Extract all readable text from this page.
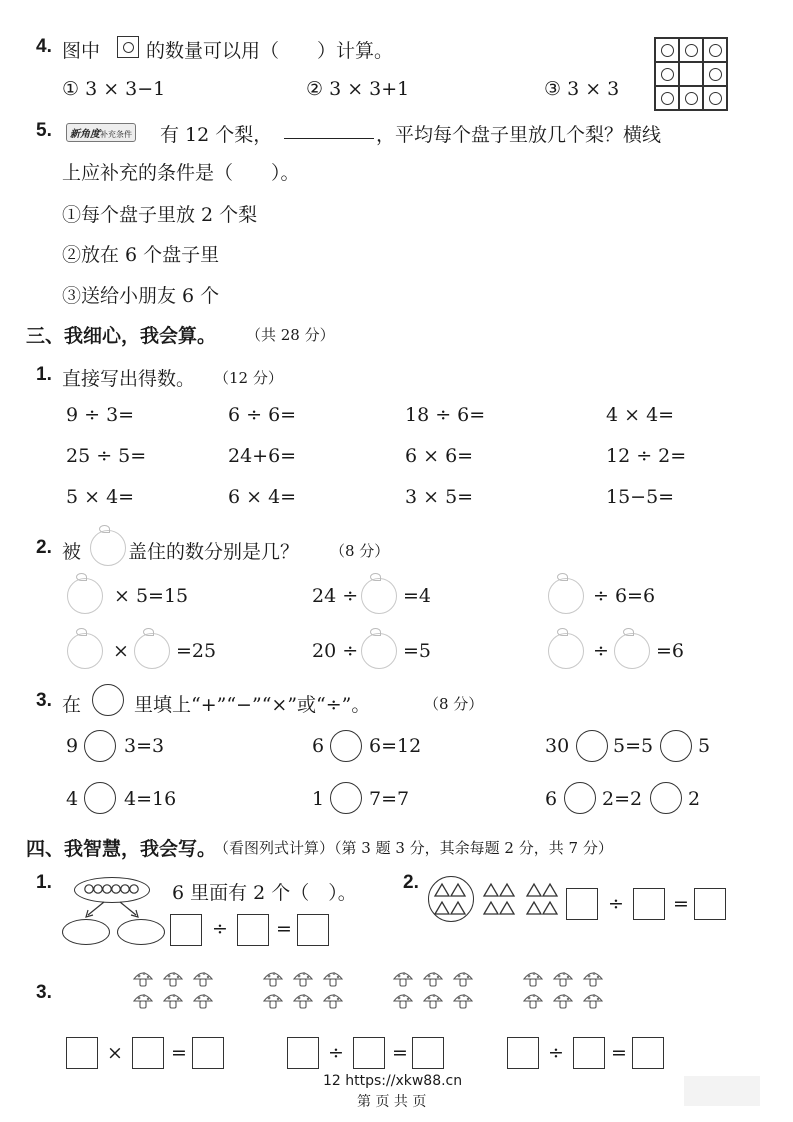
4. 图中 的数量可以用（　　）计算。
① 3 × 3−1	② 3 × 3+1	③ 3 × 3
5.	新角度补充条件 有 12 个梨，	，平均每个盘子里放几个梨？横线
上应补充的条件是（　　）。
①每个盘子里放 2 个梨
②放在 6 个盘子里
③送给小朋友 6 个
三、我细心，我会算。 （共 28 分）
1. 直接写出得数。 （12 分）
9 ÷ 3=	6 ÷ 6=	18 ÷ 6=	4 × 4=
25 ÷ 5=	24+6=	6 × 6=	12 ÷ 2=
5 × 4=	6 × 4=	3 × 5=	15−5=
2. 被 盖住的数分别是几？ （8 分）
× 5=15	24 ÷ =4	÷ 6=6
× =25	20 ÷ =5	÷ =6
3. 在	里填上“+”“−”“×”或“÷”。	（8 分）
9 3=3	6 6=12	30 5=5 5
4 4=16	1 7=7	6 2=2 2
四、我智慧，我会写。
（看图列式计算）（第 3 题 3 分，其余每题 2 分，共 7 分）
1.	6 里面有 2 个（　）。
÷	=
2.
÷	=
3.
×	=	÷	=	÷ =
12 https://xkw88.cn
第 页 共 页
